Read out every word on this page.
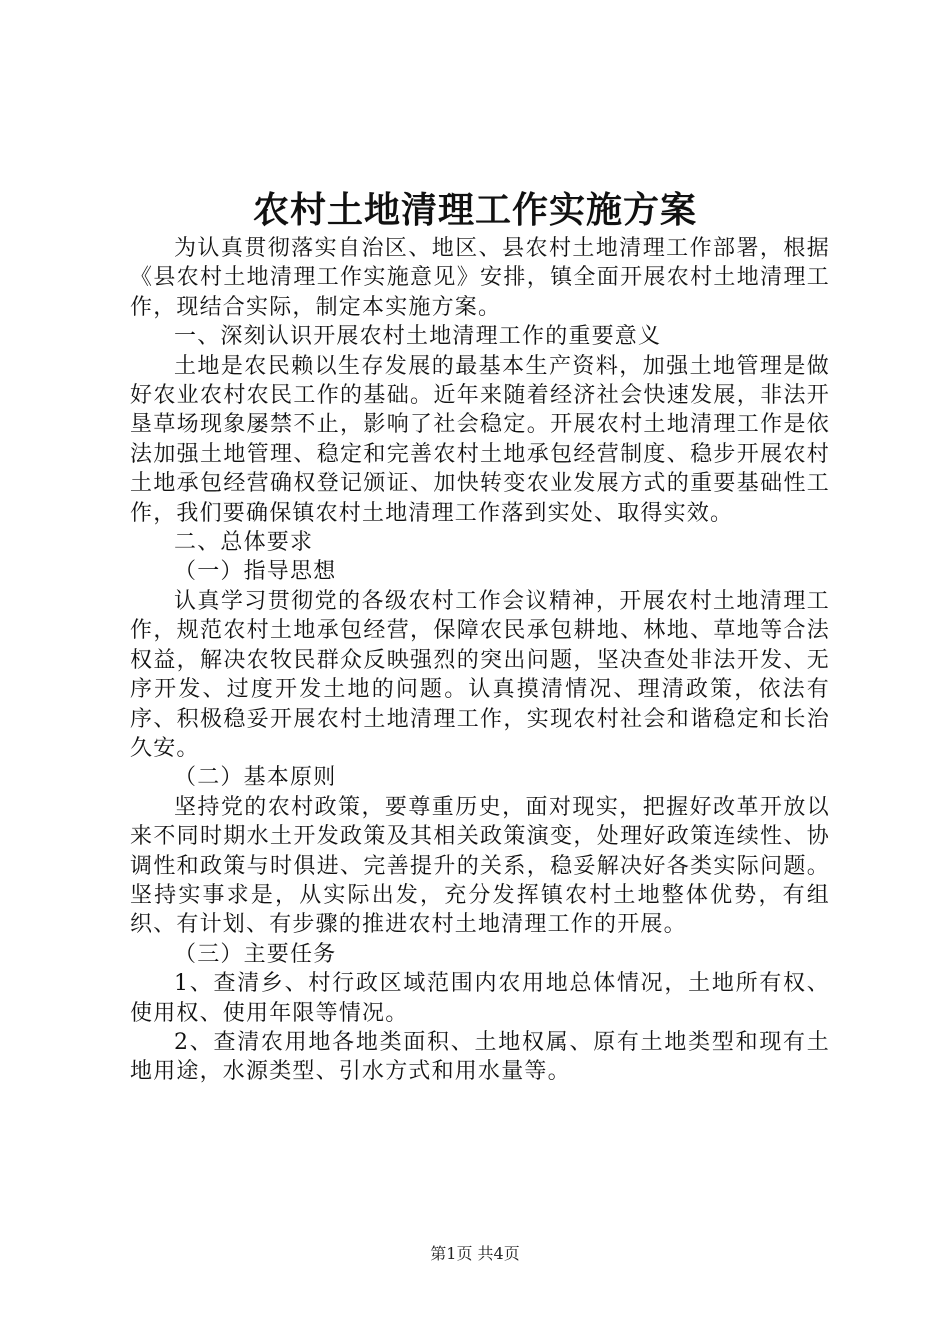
农村土地清理工作实施方案

为认真贯彻落实自治区、地区、县农村土地清理工作部署，根据《县农村土地清理工作实施意见》安排，镇全面开展农村土地清理工作，现结合实际，制定本实施方案。

一、深刻认识开展农村土地清理工作的重要意义

土地是农民赖以生存发展的最基本生产资料，加强土地管理是做好农业农村农民工作的基础。近年来随着经济社会快速发展，非法开垦草场现象屡禁不止，影响了社会稳定。开展农村土地清理工作是依法加强土地管理、稳定和完善农村土地承包经营制度、稳步开展农村土地承包经营确权登记颁证、加快转变农业发展方式的重要基础性工作，我们要确保镇农村土地清理工作落到实处、取得实效。

二、总体要求

（一）指导思想

认真学习贯彻党的各级农村工作会议精神，开展农村土地清理工作，规范农村土地承包经营，保障农民承包耕地、林地、草地等合法权益，解决农牧民群众反映强烈的突出问题，坚决查处非法开发、无序开发、过度开发土地的问题。认真摸清情况、理清政策，依法有序、积极稳妥开展农村土地清理工作，实现农村社会和谐稳定和长治久安。

（二）基本原则

坚持党的农村政策，要尊重历史，面对现实，把握好改革开放以来不同时期水土开发政策及其相关政策演变，处理好政策连续性、协调性和政策与时俱进、完善提升的关系，稳妥解决好各类实际问题。坚持实事求是，从实际出发，充分发挥镇农村土地整体优势，有组织、有计划、有步骤的推进农村土地清理工作的开展。

（三）主要任务

1、查清乡、村行政区域范围内农用地总体情况，土地所有权、使用权、使用年限等情况。

2、查清农用地各地类面积、土地权属、原有土地类型和现有土地用途，水源类型、引水方式和用水量等。

第1页 共4页
